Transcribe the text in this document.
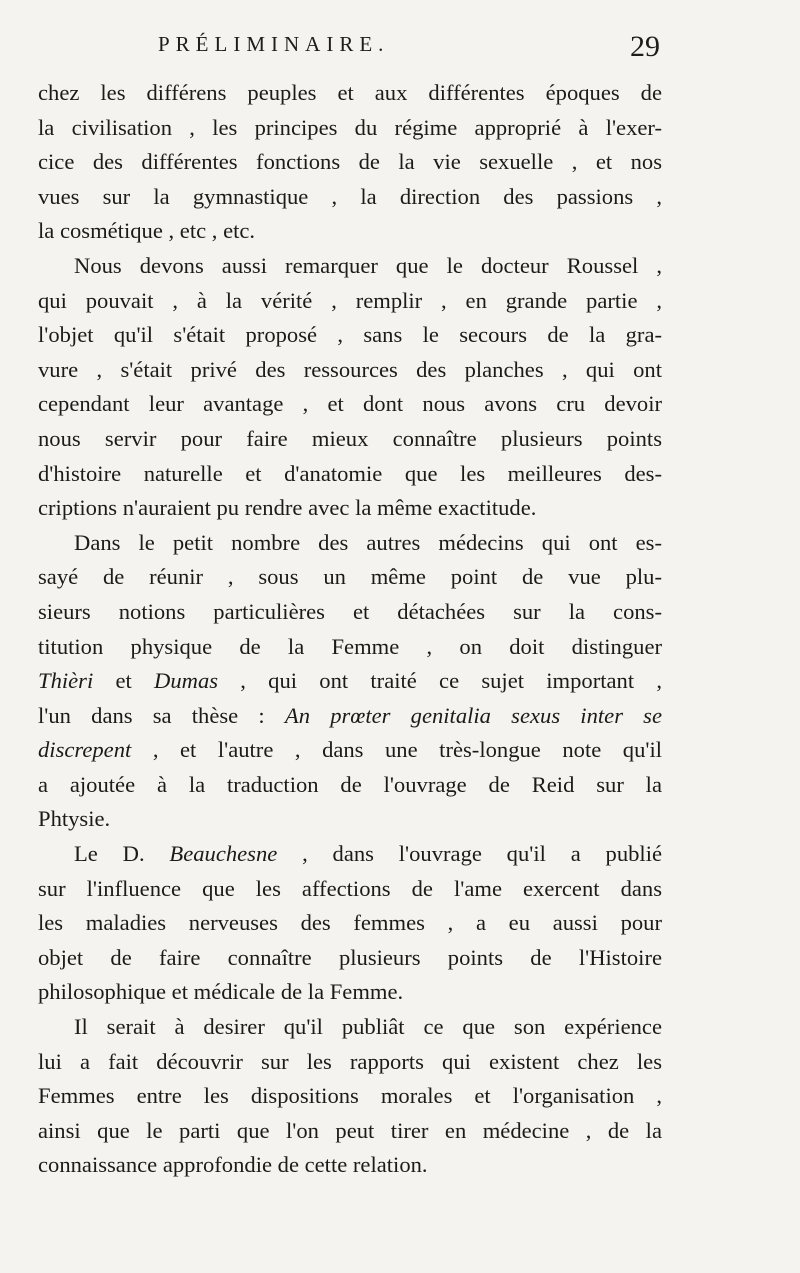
PRÉLIMINAIRE.	29

chez les différens peuples et aux différentes époques de
la civilisation , les principes du régime approprié à l'exer-
cice des différentes fonctions de la vie sexuelle , et nos
vues sur la gymnastique , la direction des passions ,
la cosmétique , etc , etc.

Nous devons aussi remarquer que le docteur Roussel ,
qui pouvait , à la vérité , remplir , en grande partie ,
l'objet qu'il s'était proposé , sans le secours de la gra-
vure , s'était privé des ressources des planches , qui ont
cependant leur avantage , et dont nous avons cru devoir
nous servir pour faire mieux connaître plusieurs points
d'histoire naturelle et d'anatomie que les meilleures des-
criptions n'auraient pu rendre avec la même exactitude.

Dans le petit nombre des autres médecins qui ont es-
sayé de réunir , sous un même point de vue plu-
sieurs notions particulières et détachées sur la cons-
titution physique de la Femme , on doit distinguer
Thièri et Dumas , qui ont traité ce sujet important ,
l'un dans sa thèse : An prœter genitalia sexus inter se
discrepent , et l'autre , dans une très-longue note qu'il
a ajoutée à la traduction de l'ouvrage de Reid sur la
Phtysie.

Le D. Beauchesne , dans l'ouvrage qu'il a publié
sur l'influence que les affections de l'ame exercent dans
les maladies nerveuses des femmes , a eu aussi pour
objet de faire connaître plusieurs points de l'Histoire
philosophique et médicale de la Femme.

Il serait à desirer qu'il publiât ce que son expérience
lui a fait découvrir sur les rapports qui existent chez les
Femmes entre les dispositions morales et l'organisation ,
ainsi que le parti que l'on peut tirer en médecine , de la
connaissance approfondie de cette relation.
